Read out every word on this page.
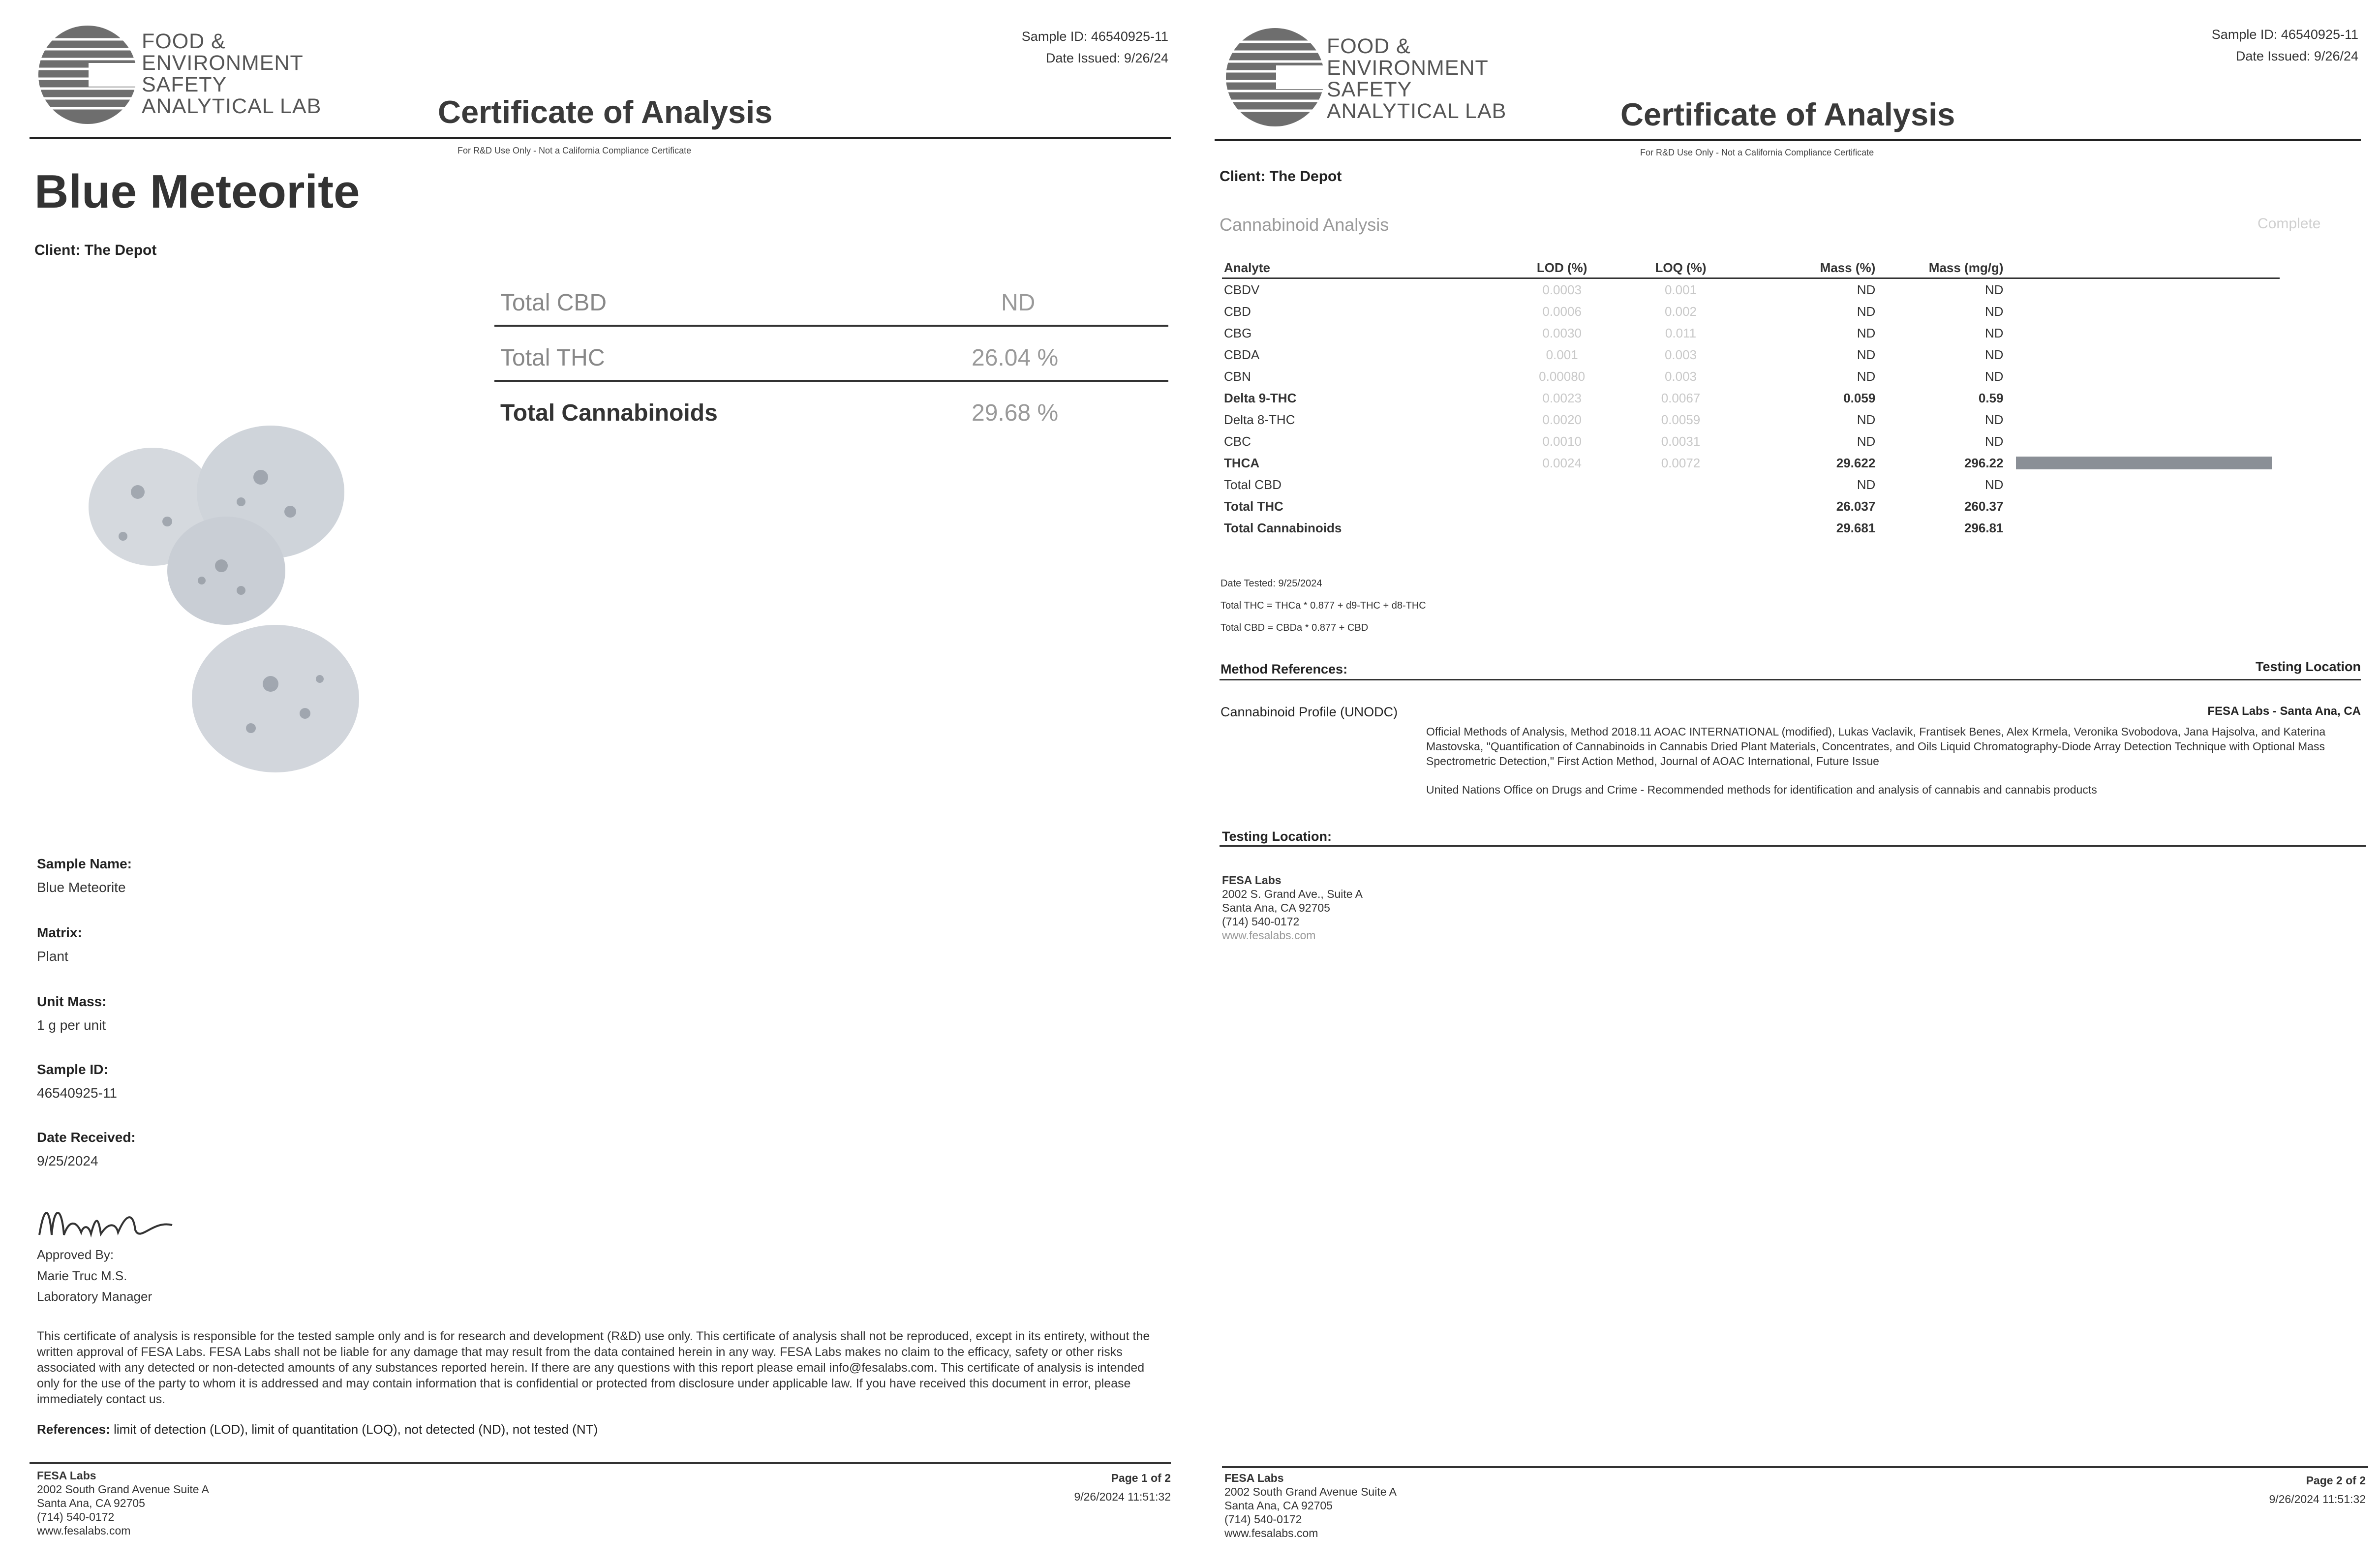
FOOD &
ENVIRONMENT
SAFETY
ANALYTICAL LAB
Sample ID: 46540925-11
Date Issued: 9/26/24
Certificate of Analysis
For R&D Use Only - Not a California Compliance Certificate
Blue Meteorite
Client: The Depot
Total CBD	ND
Total THC	26.04 %
Total Cannabinoids	29.68 %
Sample Name:
Blue Meteorite
Matrix:
Plant
Unit Mass:
1 g per unit
Sample ID:
46540925-11
Date Received:
9/25/2024
Approved By:
Marie Truc M.S.
Laboratory Manager
This certificate of analysis is responsible for the tested sample only and is for research and development (R&D) use only. This certificate of analysis shall not be reproduced, except in its entirety, without the written approval of FESA Labs. FESA Labs shall not be liable for any damage that may result from the data contained herein in any way. FESA Labs makes no claim to the efficacy, safety or other risks associated with any detected or non-detected amounts of any substances reported herein. If there are any questions with this report please email info@fesalabs.com. This certificate of analysis is intended only for the use of the party to whom it is addressed and may contain information that is confidential or protected from disclosure under applicable law. If you have received this document in error, please immediately contact us.
References: limit of detection (LOD), limit of quantitation (LOQ), not detected (ND), not tested (NT)
FESA Labs
2002 South Grand Avenue Suite A
Santa Ana, CA 92705
(714) 540-0172
www.fesalabs.com
Page 1 of 2
9/26/2024 11:51:32
FOOD &
ENVIRONMENT
SAFETY
ANALYTICAL LAB
Sample ID: 46540925-11
Date Issued: 9/26/24
Certificate of Analysis
For R&D Use Only - Not a California Compliance Certificate
Client: The Depot
Cannabinoid Analysis	Complete
Analyte	LOD (%)	LOQ (%)	Mass (%)	Mass (mg/g)	
CBDV	0.0003	0.001	ND	ND	
CBD	0.0006	0.002	ND	ND	
CBG	0.0030	0.011	ND	ND	
CBDA	0.001	0.003	ND	ND	
CBN	0.00080	0.003	ND	ND	
Delta 9-THC	0.0023	0.0067	0.059	0.59	
Delta 8-THC	0.0020	0.0059	ND	ND	
CBC	0.0010	0.0031	ND	ND	
THCA	0.0024	0.0072	29.622	296.22	

Total CBD			ND	ND	
Total THC			26.037	260.37	
Total Cannabinoids			29.681	296.81	
Date Tested: 9/25/2024
Total THC = THCa * 0.877 + d9-THC + d8-THC
Total CBD = CBDa * 0.877 + CBD
Method References:	Testing Location
Cannabinoid Profile (UNODC)	FESA Labs - Santa Ana, CA
Official Methods of Analysis, Method 2018.11 AOAC INTERNATIONAL (modified), Lukas Vaclavik, Frantisek Benes, Alex Krmela, Veronika Svobodova, Jana Hajsolva, and Katerina Mastovska, "Quantification of Cannabinoids in Cannabis Dried Plant Materials, Concentrates, and Oils Liquid Chromatography-Diode Array Detection Technique with Optional Mass Spectrometric Detection," First Action Method, Journal of AOAC International, Future Issue
United Nations Office on Drugs and Crime - Recommended methods for identification and analysis of cannabis and cannabis products
Testing Location:
FESA Labs
2002 S. Grand Ave., Suite A
Santa Ana, CA 92705
(714) 540-0172
www.fesalabs.com
FESA Labs
2002 South Grand Avenue Suite A
Santa Ana, CA 92705
(714) 540-0172
www.fesalabs.com
Page 2 of 2
9/26/2024 11:51:32
